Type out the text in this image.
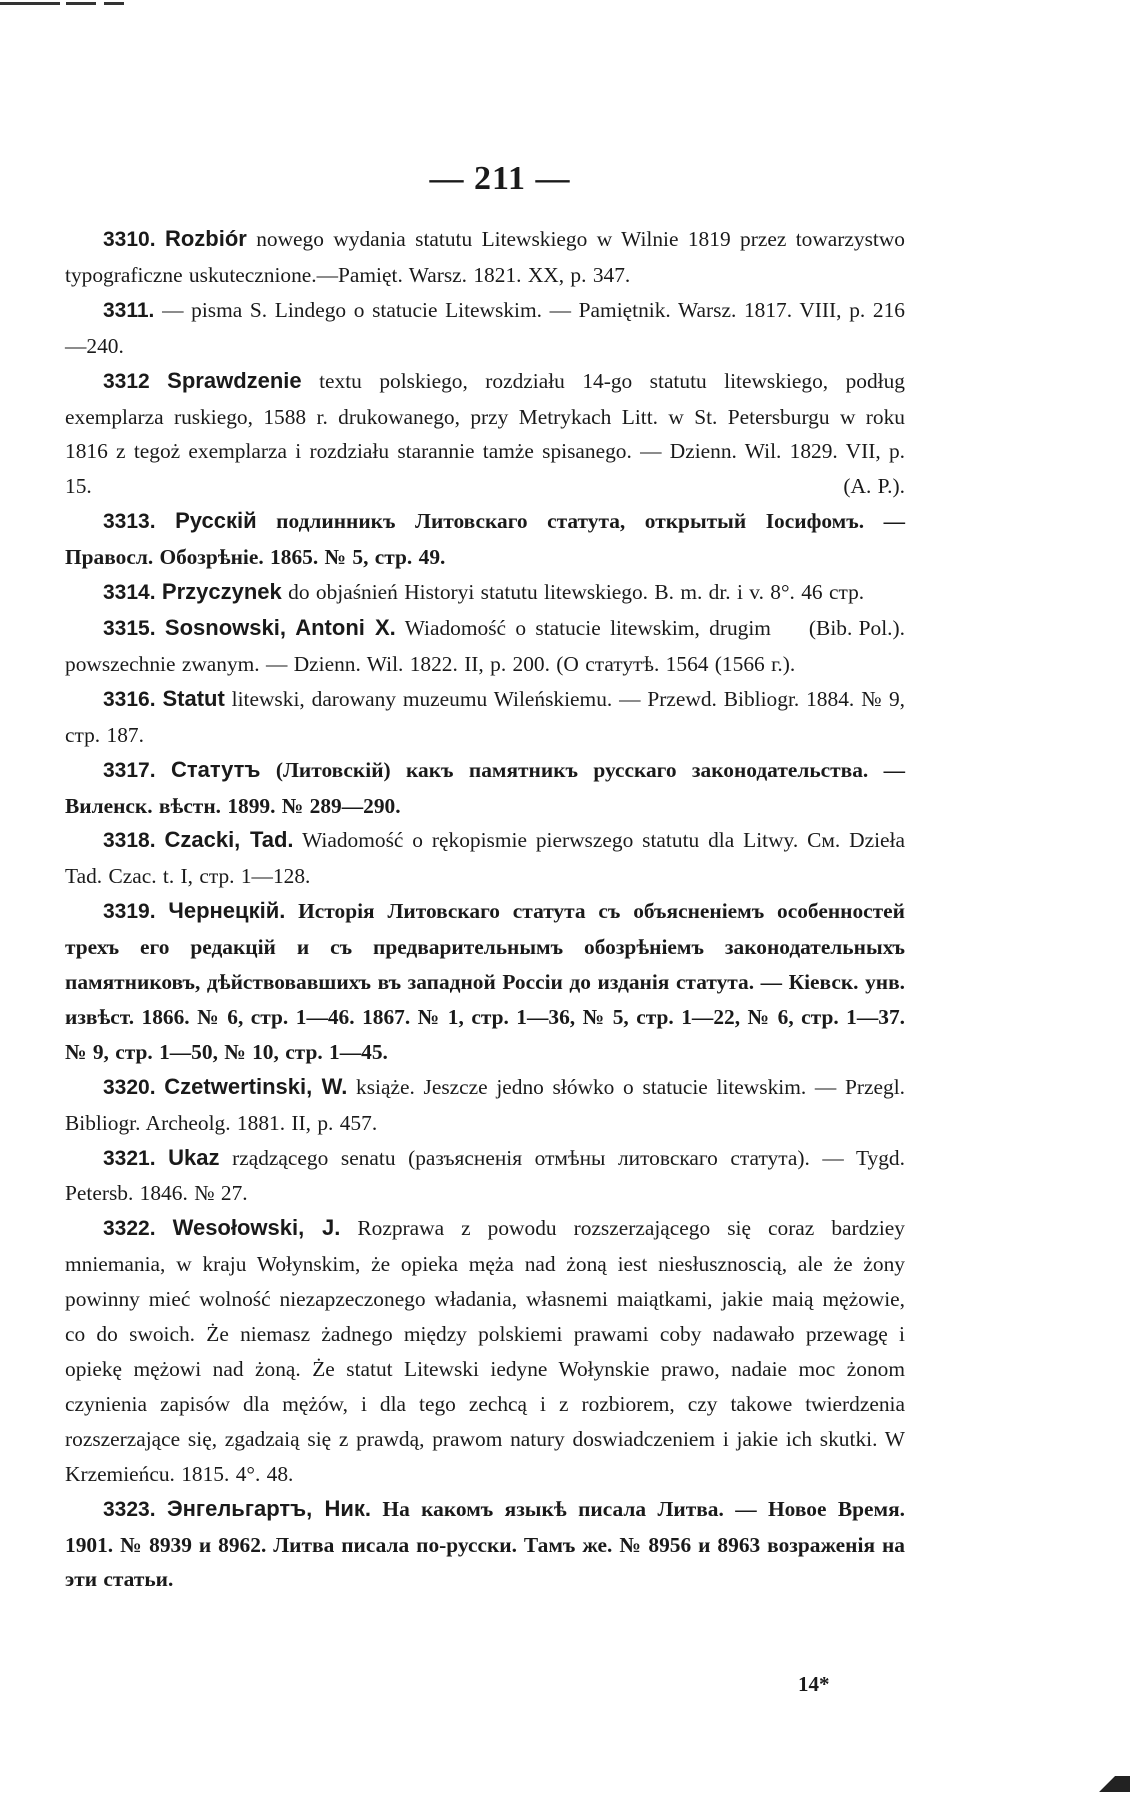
— 211 —

3310. Rozbiór nowego wydania statutu Litewskiego w Wilnie 1819 przez towarzystwo typograficzne uskutecznione.—Pamięt. Warsz. 1821. XX, p. 347.

3311. — pisma S. Lindego o statucie Litewskim. — Pamiętnik. Warsz. 1817. VIII, p. 216—240.

3312 Sprawdzenie textu polskiego, rozdziału 14-go statutu litewskiego, podług exemplarza ruskiego, 1588 r. drukowanego, przy Metrykach Litt. w St. Petersburgu w roku 1816 z tegoż exemplarza i rozdziału starannie tamże spisanego. — Dzienn. Wil. 1829. VII, p. 15.	(A. P.).

3313. Русскій подлинникъ Литовскаго статута, открытый Іосифомъ. — Правосл. Обозрѣніе. 1865. № 5, стр. 49.

3314. Przyczynek do objaśnień Historyi statutu litewskiego. B. m. dr. i v. 8°. 46 стр.
(Bib. Pol.).

3315. Sosnowski, Antoni X. Wiadomość o statucie litewskim, drugim powszechnie zwanym. — Dzienn. Wil. 1822. II, p. 200. (О статутѣ. 1564 (1566 г.).

3316. Statut litewski, darowany muzeumu Wileńskiemu. — Przewd. Bibliogr. 1884. № 9, стр. 187.

3317. Статутъ (Литовскій) какъ памятникъ русскаго законодательства. — Виленск. вѣстн. 1899. № 289—290.

3318. Czacki, Tad. Wiadomość o rękopismie pierwszego statutu dla Litwy. См. Dzieła Tad. Czac. t. I, стр. 1—128.

3319. Чернецкій. Исторія Литовскаго статута съ объясненіемъ особенностей трехъ его редакцій и съ предварительнымъ обозрѣніемъ законодательныхъ памятниковъ, дѣйствовавшихъ въ западной Россіи до изданія статута. — Кіевск. унв. извѣст. 1866. № 6, стр. 1—46. 1867. № 1, стр. 1—36, № 5, стр. 1—22, № 6, стр. 1—37. № 9, стр. 1—50, № 10, стр. 1—45.

3320. Czetwertinski, W. książe. Jeszcze jedno słówko o statucie litewskim. — Przegl. Bibliogr. Archeolg. 1881. II, p. 457.

3321. Ukaz rządzącego senatu (разъясненія отмѣны литовскаго статута). — Tygd. Petersb. 1846. № 27.

3322. Wesołowski, J. Rozprawa z powodu rozszerzającego się coraz bardziey mniemania, w kraju Wołynskim, że opieka męża nad żoną iest niesłusznoscią, ale że żony powinny mieć wolność niezapzeczonego władania, własnemi maiątkami, jakie maią mężowie, co do swoich. Że niemasz żadnego między polskiemi prawami coby nadawało przewagę i opiekę mężowi nad żoną. Że statut Litewski iedyne Wołynskie prawo, nadaie moc żonom czynienia zapisów dla mężów, i dla tego zechcą i z rozbiorem, czy takowe twierdzenia rozszerzające się, zgadzaią się z prawdą, prawom natury doswiadczeniem i jakie ich skutki. W Krzemieńcu. 1815. 4°. 48.

3323. Энгельгартъ, Ник. На какомъ языкѣ писала Литва. — Новое Время. 1901. № 8939 и 8962. Литва писала по-русски. Тамъ же. № 8956 и 8963 возраженія на эти статьи.

14*
